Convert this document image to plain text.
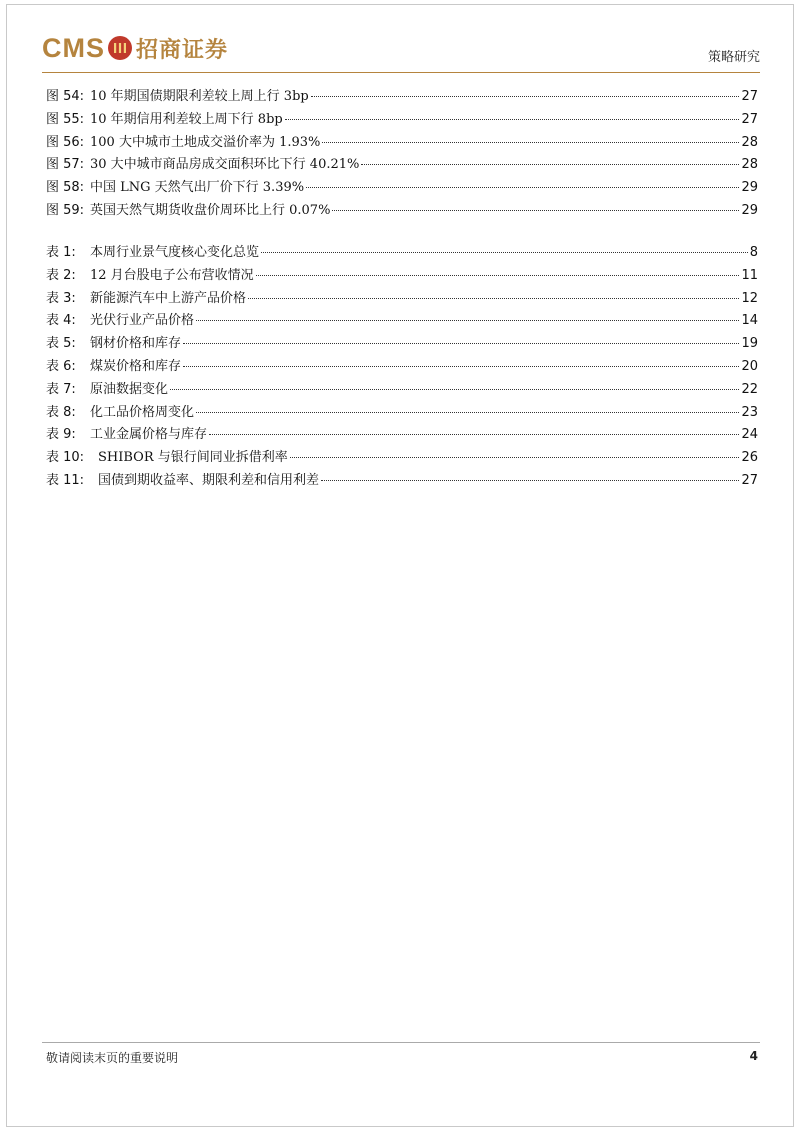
CMS 招商证券	策略研究
图 54: 10 年期国债期限利差较上周上行 3bp	27
图 55: 10 年期信用利差较上周下行 8bp	27
图 56: 100 大中城市土地成交溢价率为 1.93%	28
图 57: 30 大中城市商品房成交面积环比下行 40.21%	28
图 58: 中国 LNG 天然气出厂价下行 3.39%	29
图 59: 英国天然气期货收盘价周环比上行 0.07%	29
表 1:	本周行业景气度核心变化总览	8
表 2:	12 月台股电子公布营收情况	11
表 3:	新能源汽车中上游产品价格	12
表 4:	光伏行业产品价格	14
表 5:	钢材价格和库存	19
表 6:	煤炭价格和库存	20
表 7:	原油数据变化	22
表 8:	化工品价格周变化	23
表 9:	工业金属价格与库存	24
表 10:	SHIBOR 与银行间同业拆借利率	26
表 11:	国债到期收益率、期限利差和信用利差	27
敬请阅读末页的重要说明	4
